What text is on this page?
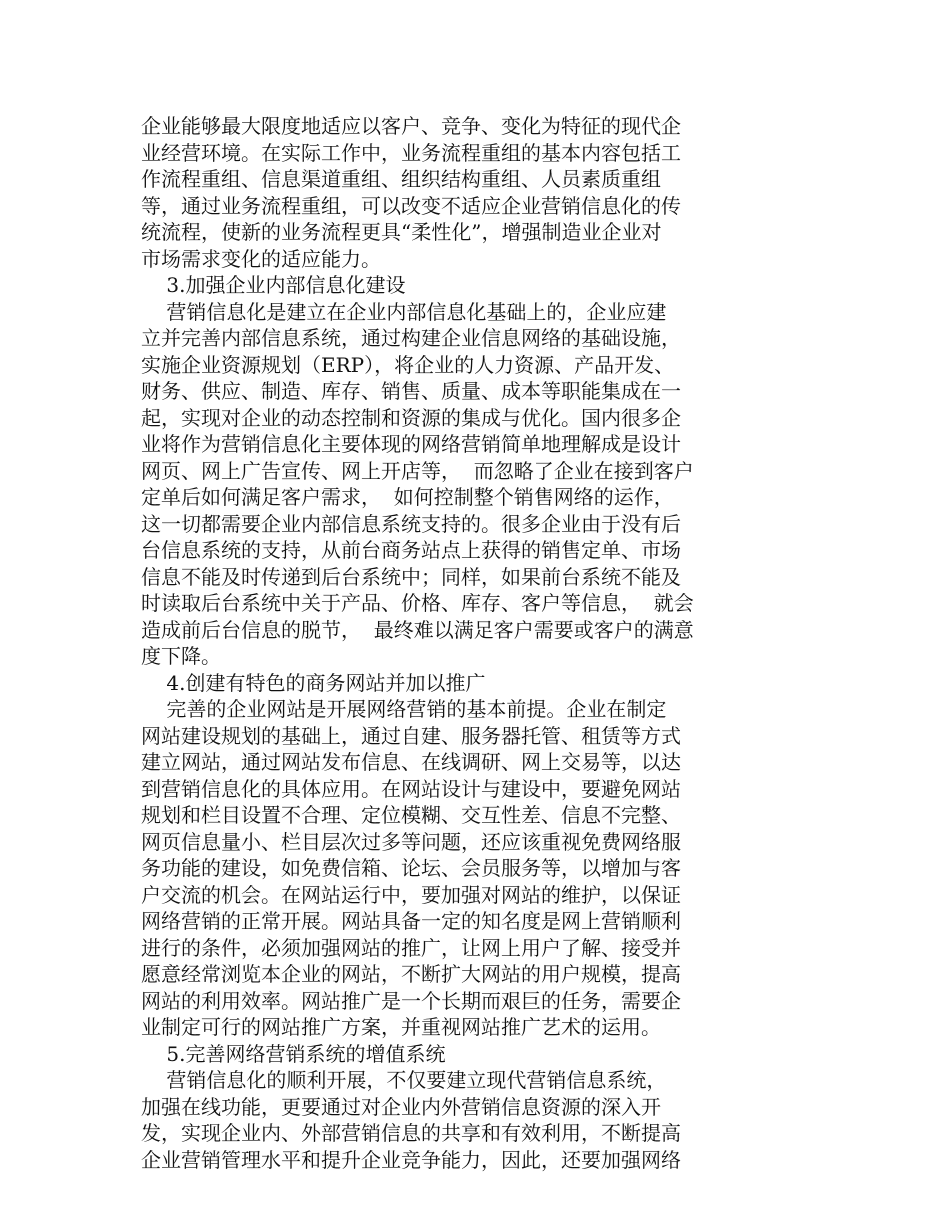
企业能够最大限度地适应以客户、竞争、变化为特征的现代企
业经营环境。在实际工作中，业务流程重组的基本内容包括工
作流程重组、信息渠道重组、组织结构重组、人员素质重组
等，通过业务流程重组，可以改变不适应企业营销信息化的传
统流程，使新的业务流程更具“柔性化”，增强制造业企业对
市场需求变化的适应能力。
3.加强企业内部信息化建设
营销信息化是建立在企业内部信息化基础上的，企业应建
立并完善内部信息系统，通过构建企业信息网络的基础设施，
实施企业资源规划（ERP），将企业的人力资源、产品开发、
财务、供应、制造、库存、销售、质量、成本等职能集成在一
起，实现对企业的动态控制和资源的集成与优化。国内很多企
业将作为营销信息化主要体现的网络营销简单地理解成是设计
网页、网上广告宣传、网上开店等，  而忽略了企业在接到客户
定单后如何满足客户需求，  如何控制整个销售网络的运作，
这一切都需要企业内部信息系统支持的。很多企业由于没有后
台信息系统的支持，从前台商务站点上获得的销售定单、市场
信息不能及时传递到后台系统中；同样，如果前台系统不能及
时读取后台系统中关于产品、价格、库存、客户等信息，  就会
造成前后台信息的脱节，  最终难以满足客户需要或客户的满意
度下降。
4.创建有特色的商务网站并加以推广
完善的企业网站是开展网络营销的基本前提。企业在制定
网站建设规划的基础上，通过自建、服务器托管、租赁等方式
建立网站，通过网站发布信息、在线调研、网上交易等，以达
到营销信息化的具体应用。在网站设计与建设中，要避免网站
规划和栏目设置不合理、定位模糊、交互性差、信息不完整、
网页信息量小、栏目层次过多等问题，还应该重视免费网络服
务功能的建设，如免费信箱、论坛、会员服务等，以增加与客
户交流的机会。在网站运行中，要加强对网站的维护，以保证
网络营销的正常开展。网站具备一定的知名度是网上营销顺利
进行的条件，必须加强网站的推广，让网上用户了解、接受并
愿意经常浏览本企业的网站，不断扩大网站的用户规模，提高
网站的利用效率。网站推广是一个长期而艰巨的任务，需要企
业制定可行的网站推广方案，并重视网站推广艺术的运用。
5.完善网络营销系统的增值系统
营销信息化的顺利开展，不仅要建立现代营销信息系统，
加强在线功能，更要通过对企业内外营销信息资源的深入开
发，实现企业内、外部营销信息的共享和有效利用，不断提高
企业营销管理水平和提升企业竞争能力，因此，还要加强网络
